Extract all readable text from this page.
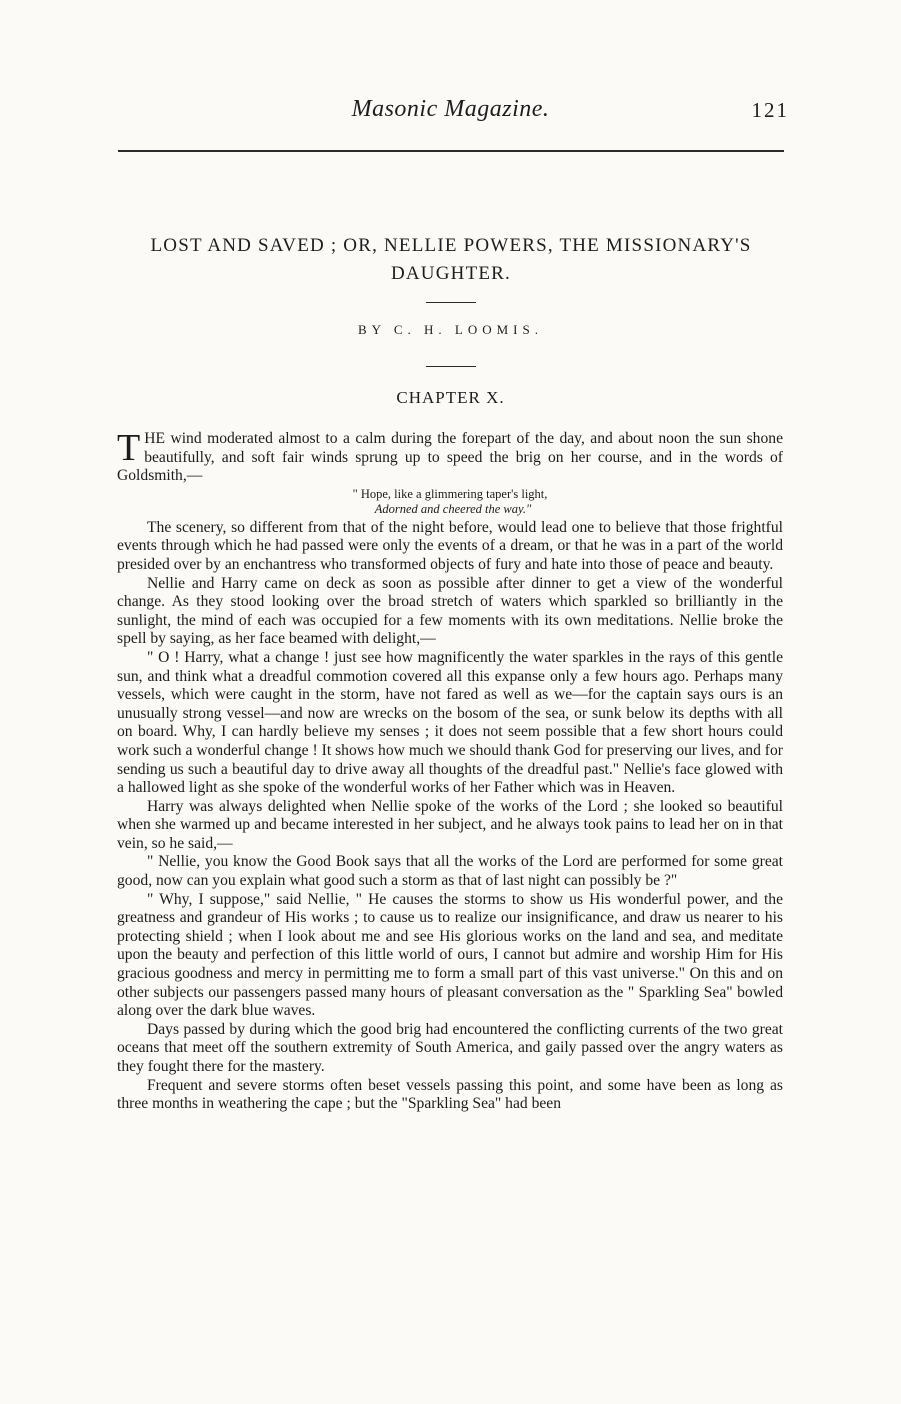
Masonic Magazine.	121
LOST AND SAVED ; OR, NELLIE POWERS, THE MISSIONARY'S DAUGHTER.
BY C. H. LOOMIS.
CHAPTER X.

THE wind moderated almost to a calm during the forepart of the day, and about noon the sun shone beautifully, and soft fair winds sprung up to speed the brig on her course, and in the words of Goldsmith,—

" Hope, like a glimmering taper's light,
Adorned and cheered the way."

The scenery, so different from that of the night before, would lead one to believe that those frightful events through which he had passed were only the events of a dream, or that he was in a part of the world presided over by an enchantress who transformed objects of fury and hate into those of peace and beauty.

Nellie and Harry came on deck as soon as possible after dinner to get a view of the wonderful change. As they stood looking over the broad stretch of waters which sparkled so brilliantly in the sunlight, the mind of each was occupied for a few moments with its own meditations. Nellie broke the spell by saying, as her face beamed with delight,—

" O ! Harry, what a change ! just see how magnificently the water sparkles in the rays of this gentle sun, and think what a dreadful commotion covered all this expanse only a few hours ago. Perhaps many vessels, which were caught in the storm, have not fared as well as we—for the captain says ours is an unusually strong vessel—and now are wrecks on the bosom of the sea, or sunk below its depths with all on board. Why, I can hardly believe my senses ; it does not seem possible that a few short hours could work such a wonderful change ! It shows how much we should thank God for preserving our lives, and for sending us such a beautiful day to drive away all thoughts of the dreadful past." Nellie's face glowed with a hallowed light as she spoke of the wonderful works of her Father which was in Heaven.

Harry was always delighted when Nellie spoke of the works of the Lord ; she looked so beautiful when she warmed up and became interested in her subject, and he always took pains to lead her on in that vein, so he said,—

" Nellie, you know the Good Book says that all the works of the Lord are performed for some great good, now can you explain what good such a storm as that of last night can possibly be ?"

" Why, I suppose," said Nellie, " He causes the storms to show us His wonderful power, and the greatness and grandeur of His works ; to cause us to realize our insignificance, and draw us nearer to his protecting shield ; when I look about me and see His glorious works on the land and sea, and meditate upon the beauty and perfection of this little world of ours, I cannot but admire and worship Him for His gracious goodness and mercy in permitting me to form a small part of this vast universe." On this and on other subjects our passengers passed many hours of pleasant conversation as the " Sparkling Sea" bowled along over the dark blue waves.

Days passed by during which the good brig had encountered the conflicting currents of the two great oceans that meet off the southern extremity of South America, and gaily passed over the angry waters as they fought there for the mastery.

Frequent and severe storms often beset vessels passing this point, and some have been as long as three months in weathering the cape ; but the "Sparkling Sea" had been
